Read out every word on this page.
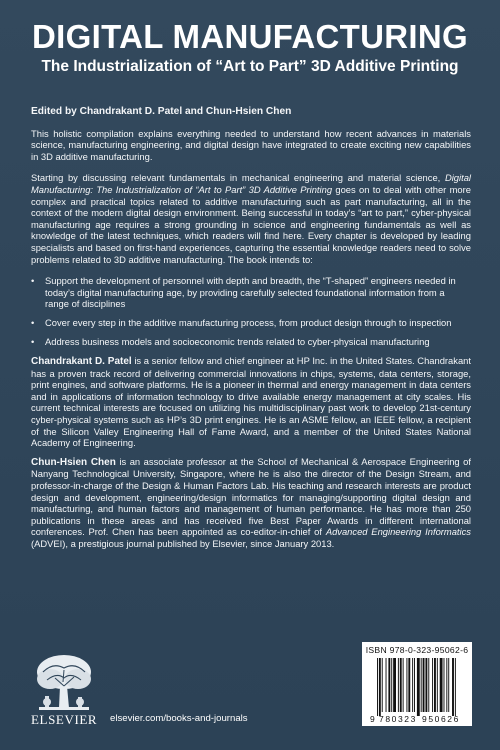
DIGITAL MANUFACTURING
The Industrialization of “Art to Part” 3D Additive Printing
Edited by Chandrakant D. Patel and Chun-Hsien Chen

This holistic compilation explains everything needed to understand how recent advances in materials science, manufacturing engineering, and digital design have integrated to create exciting new capabilities in 3D additive manufacturing.

Starting by discussing relevant fundamentals in mechanical engineering and material science, Digital Manufacturing: The Industrialization of “Art to Part” 3D Additive Printing goes on to deal with other more complex and practical topics related to additive manufacturing such as part manufacturing, all in the context of the modern digital design environment. Being successful in today’s “art to part,” cyber-physical manufacturing age requires a strong grounding in science and engineering fundamentals as well as knowledge of the latest techniques, which readers will find here. Every chapter is developed by leading specialists and based on first-hand experiences, capturing the essential knowledge readers need to solve problems related to 3D additive manufacturing. The book intends to:

• Support the development of personnel with depth and breadth, the “T-shaped” engineers needed in today’s digital manufacturing age, by providing carefully selected foundational information from a range of disciplines
• Cover every step in the additive manufacturing process, from product design through to inspection
• Address business models and socioeconomic trends related to cyber-physical manufacturing

Chandrakant D. Patel is a senior fellow and chief engineer at HP Inc. in the United States. Chandrakant has a proven track record of delivering commercial innovations in chips, systems, data centers, storage, print engines, and software platforms. He is a pioneer in thermal and energy management in data centers and in applications of information technology to drive available energy management at city scales. His current technical interests are focused on utilizing his multidisciplinary past work to develop 21st-century cyber-physical systems such as HP’s 3D print engines. He is an ASME fellow, an IEEE fellow, a recipient of the Silicon Valley Engineering Hall of Fame Award, and a member of the United States National Academy of Engineering.

Chun-Hsien Chen is an associate professor at the School of Mechanical & Aerospace Engineering of Nanyang Technological University, Singapore, where he is also the director of the Design Stream, and professor-in-charge of the Design & Human Factors Lab. His teaching and research interests are product design and development, engineering/design informatics for managing/supporting digital design and manufacturing, and human factors and management of human performance. He has more than 250 publications in these areas and has received five Best Paper Awards in different international conferences. Prof. Chen has been appointed as co-editor-in-chief of Advanced Engineering Informatics (ADVEI), a prestigious journal published by Elsevier, since January 2013.

ELSEVIER elsevier.com/books-and-journals
ISBN 978-0-323-95062-6
9 780323 950626
